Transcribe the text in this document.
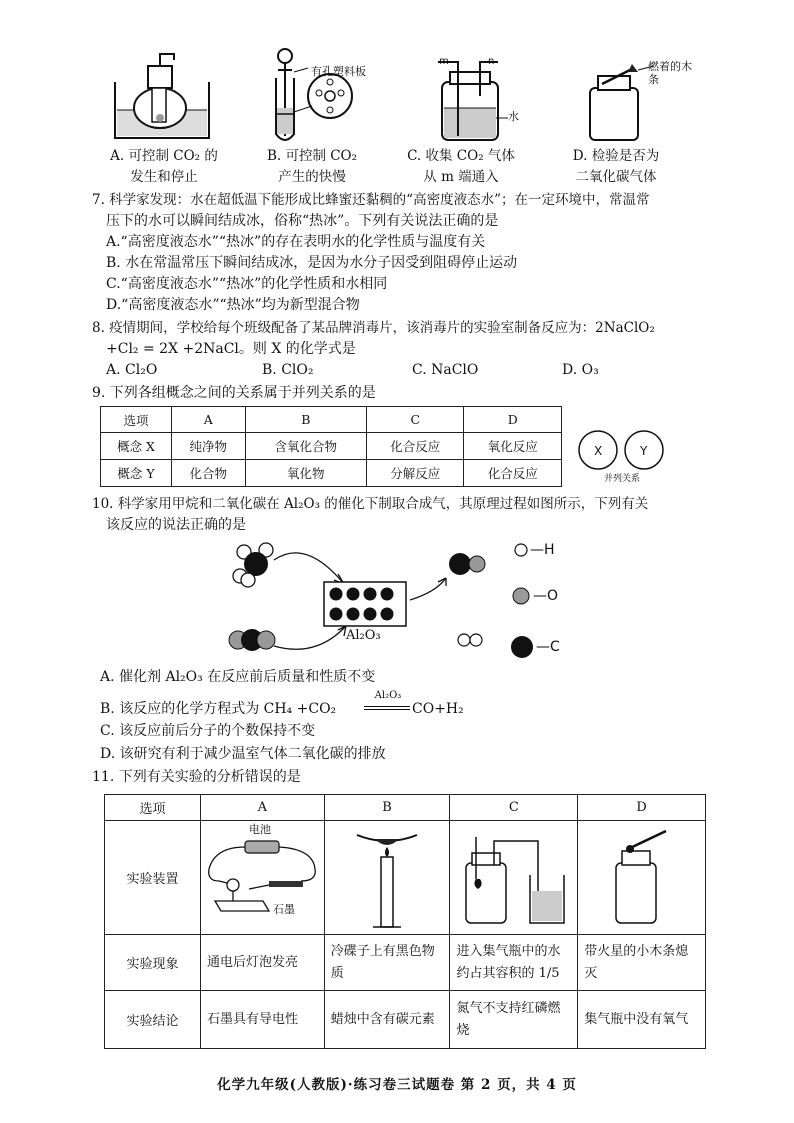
有孔塑料板
m	n
水
燃着的木条
A. 可控制 CO₂ 的
发生和停止
B. 可控制 CO₂
产生的快慢
C. 收集 CO₂ 气体
从 m 端通入
D. 检验是否为
二氧化碳气体
7. 科学家发现：水在超低温下能形成比蜂蜜还黏稠的“高密度液态水”；在一定环境中，常温常
压下的水可以瞬间结成冰，俗称“热冰”。下列有关说法正确的是
A.“高密度液态水”“热冰”的存在表明水的化学性质与温度有关
B. 水在常温常压下瞬间结成冰，是因为水分子因受到阻碍停止运动
C.“高密度液态水”“热冰”的化学性质和水相同
D.“高密度液态水”“热冰”均为新型混合物
8. 疫情期间，学校给每个班级配备了某品牌消毒片，该消毒片的实验室制备反应为：2NaClO₂
+Cl₂ = 2X +2NaCl。则 X 的化学式是
A. Cl₂O	B. ClO₂	C. NaClO	D. O₃
9. 下列各组概念之间的关系属于并列关系的是
选项	A	B	C	D
概念 X	纯净物	含氧化合物	化合反应	氧化反应
概念 Y	化合物	氧化物	分解反应	化合反应
X	Y
并列关系
10. 科学家用甲烷和二氧化碳在 Al₂O₃ 的催化下制取合成气，其原理过程如图所示，下列有关
该反应的说法正确的是
Al₂O₃
—H
—O
—C
A. 催化剂 Al₂O₃ 在反应前后质量和性质不变
B. 该反应的化学方程式为 CH₄ +CO₂
Al₂O₃
CO+H₂
C. 该反应前后分子的个数保持不变
D. 该研究有利于减少温室气体二氧化碳的排放
11. 下列有关实验的分析错误的是
选项	A	B	C	D
实验装置	电池
石墨

实验现象	通电后灯泡发亮	冷碟子上有黑色物质	进入集气瓶中的水约占其容积的 1/5	带火星的小木条熄灭
实验结论	石墨具有导电性	蜡烛中含有碳元素	氮气不支持红磷燃烧	集气瓶中没有氧气
化学九年级(人教版)·练习卷三试题卷 第 2 页，共 4 页
